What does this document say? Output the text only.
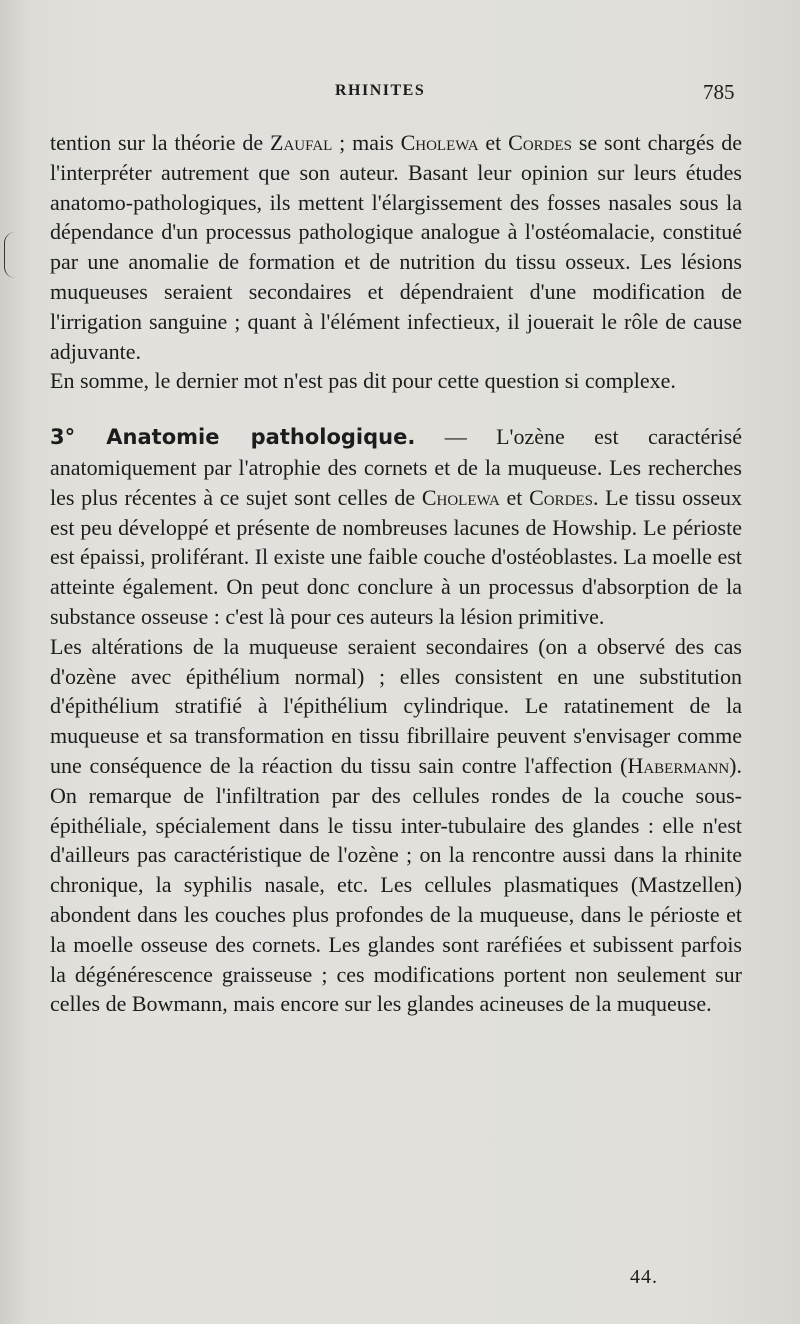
RHINITES	785

tention sur la théorie de Zaufal ; mais Cholewa et Cordes se sont chargés de l'interpréter autrement que son auteur. Basant leur opinion sur leurs études anatomo-pathologiques, ils mettent l'élargissement des fosses nasales sous la dépendance d'un processus pathologique analogue à l'ostéomalacie, constitué par une anomalie de formation et de nutrition du tissu osseux. Les lésions muqueuses seraient secondaires et dépendraient d'une modification de l'irrigation sanguine ; quant à l'élément infectieux, il jouerait le rôle de cause adjuvante.

En somme, le dernier mot n'est pas dit pour cette question si complexe.

3° Anatomie pathologique. — L'ozène est caractérisé anatomiquement par l'atrophie des cornets et de la muqueuse. Les recherches les plus récentes à ce sujet sont celles de Cholewa et Cordes. Le tissu osseux est peu développé et présente de nombreuses lacunes de Howship. Le périoste est épaissi, proliférant. Il existe une faible couche d'ostéoblastes. La moelle est atteinte également. On peut donc conclure à un processus d'absorption de la substance osseuse : c'est là pour ces auteurs la lésion primitive.

Les altérations de la muqueuse seraient secondaires (on a observé des cas d'ozène avec épithélium normal) ; elles consistent en une substitution d'épithélium stratifié à l'épithélium cylindrique. Le ratatinement de la muqueuse et sa transformation en tissu fibrillaire peuvent s'envisager comme une conséquence de la réaction du tissu sain contre l'affection (Habermann). On remarque de l'infiltration par des cellules rondes de la couche sous-épithéliale, spécialement dans le tissu inter-tubulaire des glandes : elle n'est d'ailleurs pas caractéristique de l'ozène ; on la rencontre aussi dans la rhinite chronique, la syphilis nasale, etc. Les cellules plasmatiques (Mastzellen) abondent dans les couches plus profondes de la muqueuse, dans le périoste et la moelle osseuse des cornets. Les glandes sont raréfiées et subissent parfois la dégénérescence graisseuse ; ces modifications portent non seulement sur celles de Bowmann, mais encore sur les glandes acineuses de la muqueuse.

44.
